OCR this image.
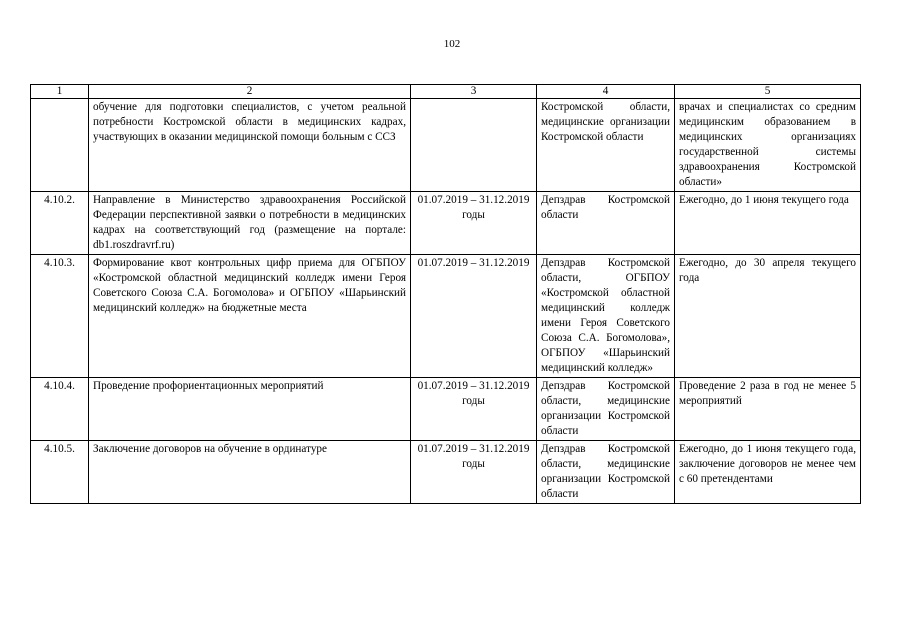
102
1	2	3	4	5
	обучение для подготовки специалистов, с учетом реальной потребности Костромской области в медицинских кадрах, участвующих в оказании медицинской помощи больным с ССЗ		Костромской области, медицинские организации Костромской области	врачах и специалистах со средним медицинским образованием в медицинских организациях государственной системы здравоохранения Костромской области»
4.10.2.	Направление в Министерство здравоохранения Российской Федерации перспективной заявки о потребности в медицинских кадрах на соответствующий год (размещение на портале: db1.roszdravrf.ru)	01.07.2019 – 31.12.2019 годы	Депздрав Костромской области	Ежегодно, до 1 июня текущего года
4.10.3.	Формирование квот контрольных цифр приема для ОГБПОУ «Костромской областной медицинский колледж имени Героя Советского Союза С.А. Богомолова» и ОГБПОУ «Шарьинский медицинский колледж» на бюджетные места	01.07.2019 – 31.12.2019	Депздрав Костромской области, ОГБПОУ «Костромской областной медицинский колледж имени Героя Советского Союза С.А. Богомолова», ОГБПОУ «Шарьинский медицинский колледж»	Ежегодно, до 30 апреля текущего года
4.10.4.	Проведение профориентационных мероприятий	01.07.2019 – 31.12.2019 годы	Депздрав Костромской области, медицинские организации Костромской области	Проведение 2 раза в год не менее 5 мероприятий
4.10.5.	Заключение договоров на обучение в ординатуре	01.07.2019 – 31.12.2019 годы	Депздрав Костромской области, медицинские организации Костромской области	Ежегодно, до 1 июня текущего года, заключение договоров не менее чем с 60 претендентами
